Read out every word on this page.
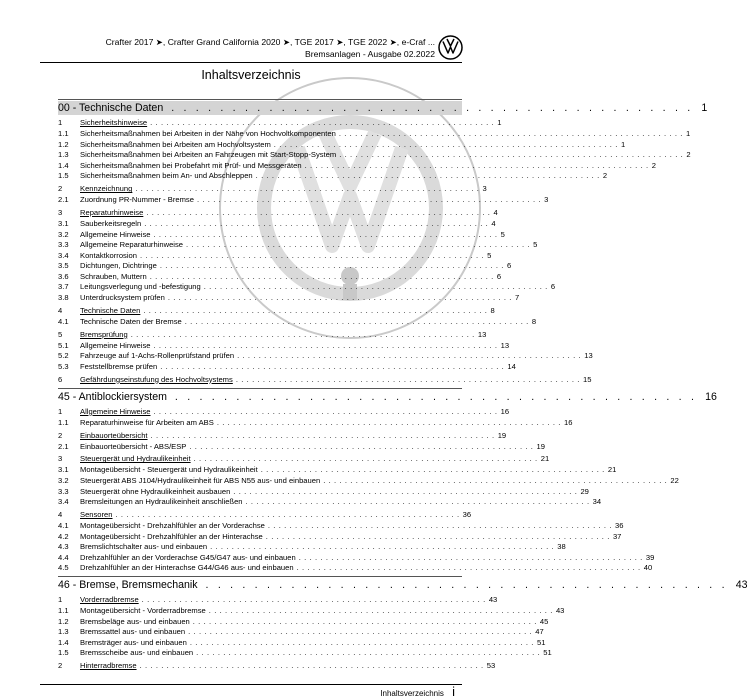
Crafter 2017 ➤, Crafter Grand California 2020 ➤, TGE 2017 ➤, TGE 2022 ➤, e-Craf ...
Bremsanlagen - Ausgabe 02.2022
Inhaltsverzeichnis
00 - Technische Daten . . . . . . . . . . . . . . . . . . . . . . . . . . . . . . . . . . . . . . . . . . . 1
1	Sicherheitshinweise . . . . . . . . . . . . . . . . . . . . . . . . . . . . . . . . . . . . . . . . . . . . . . . . . . . . . . . . . . . . . . . . 1
1.1	Sicherheitsmaßnahmen bei Arbeiten in der Nähe von Hochvoltkomponenten . . . . . . . . . . . . . . . . . . . . . . . . . . . . . . . . . . . . . . . . . . . . . . . . . . . . . . . . . . . . . . . . 1
1.2	Sicherheitsmaßnahmen bei Arbeiten am Hochvoltsystem . . . . . . . . . . . . . . . . . . . . . . . . . . . . . . . . . . . . . . . . . . . . . . . . . . . . . . . . . . . . . . . . 1
1.3	Sicherheitsmaßnahmen bei Arbeiten an Fahrzeugen mit Start-Stopp-System . . . . . . . . . . . . . . . . . . . . . . . . . . . . . . . . . . . . . . . . . . . . . . . . . . . . . . . . . . . . . . . . 2
1.4	Sicherheitsmaßnahmen bei Probefahrt mit Prüf- und Messgeräten . . . . . . . . . . . . . . . . . . . . . . . . . . . . . . . . . . . . . . . . . . . . . . . . . . . . . . . . . . . . . . . . 2
1.5	Sicherheitsmaßnahmen beim An- und Abschleppen . . . . . . . . . . . . . . . . . . . . . . . . . . . . . . . . . . . . . . . . . . . . . . . . . . . . . . . . . . . . . . . . 2
2	Kennzeichnung . . . . . . . . . . . . . . . . . . . . . . . . . . . . . . . . . . . . . . . . . . . . . . . . . . . . . . . . . . . . . . . . 3
2.1	Zuordnung PR-Nummer - Bremse . . . . . . . . . . . . . . . . . . . . . . . . . . . . . . . . . . . . . . . . . . . . . . . . . . . . . . . . . . . . . . . . 3
3	Reparaturhinweise . . . . . . . . . . . . . . . . . . . . . . . . . . . . . . . . . . . . . . . . . . . . . . . . . . . . . . . . . . . . . . . . 4
3.1	Sauberkeitsregeln . . . . . . . . . . . . . . . . . . . . . . . . . . . . . . . . . . . . . . . . . . . . . . . . . . . . . . . . . . . . . . . . 4
3.2	Allgemeine Hinweise . . . . . . . . . . . . . . . . . . . . . . . . . . . . . . . . . . . . . . . . . . . . . . . . . . . . . . . . . . . . . . . . 5
3.3	Allgemeine Reparaturhinweise . . . . . . . . . . . . . . . . . . . . . . . . . . . . . . . . . . . . . . . . . . . . . . . . . . . . . . . . . . . . . . . . 5
3.4	Kontaktkorrosion . . . . . . . . . . . . . . . . . . . . . . . . . . . . . . . . . . . . . . . . . . . . . . . . . . . . . . . . . . . . . . . . 5
3.5	Dichtungen, Dichtringe . . . . . . . . . . . . . . . . . . . . . . . . . . . . . . . . . . . . . . . . . . . . . . . . . . . . . . . . . . . . . . . . 6
3.6	Schrauben, Muttern . . . . . . . . . . . . . . . . . . . . . . . . . . . . . . . . . . . . . . . . . . . . . . . . . . . . . . . . . . . . . . . . 6
3.7	Leitungsverlegung und -befestigung . . . . . . . . . . . . . . . . . . . . . . . . . . . . . . . . . . . . . . . . . . . . . . . . . . . . . . . . . . . . . . . . 6
3.8	Unterdrucksystem prüfen . . . . . . . . . . . . . . . . . . . . . . . . . . . . . . . . . . . . . . . . . . . . . . . . . . . . . . . . . . . . . . . . 7
4	Technische Daten . . . . . . . . . . . . . . . . . . . . . . . . . . . . . . . . . . . . . . . . . . . . . . . . . . . . . . . . . . . . . . . . 8
4.1	Technische Daten der Bremse . . . . . . . . . . . . . . . . . . . . . . . . . . . . . . . . . . . . . . . . . . . . . . . . . . . . . . . . . . . . . . . . 8
5	Bremsprüfung . . . . . . . . . . . . . . . . . . . . . . . . . . . . . . . . . . . . . . . . . . . . . . . . . . . . . . . . . . . . . . . . 13
5.1	Allgemeine Hinweise . . . . . . . . . . . . . . . . . . . . . . . . . . . . . . . . . . . . . . . . . . . . . . . . . . . . . . . . . . . . . . . . 13
5.2	Fahrzeuge auf 1-Achs-Rollenprüfstand prüfen . . . . . . . . . . . . . . . . . . . . . . . . . . . . . . . . . . . . . . . . . . . . . . . . . . . . . . . . . . . . . . . . 13
5.3	Feststellbremse prüfen . . . . . . . . . . . . . . . . . . . . . . . . . . . . . . . . . . . . . . . . . . . . . . . . . . . . . . . . . . . . . . . . 14
6	Gefährdungseinstufung des Hochvoltsystems . . . . . . . . . . . . . . . . . . . . . . . . . . . . . . . . . . . . . . . . . . . . . . . . . . . . . . . . . . . . . . . . 15
45 - Antiblockiersystem . . . . . . . . . . . . . . . . . . . . . . . . . . . . . . . . . . . . . . . . . . . 16
1	Allgemeine Hinweise . . . . . . . . . . . . . . . . . . . . . . . . . . . . . . . . . . . . . . . . . . . . . . . . . . . . . . . . . . . . . . . . 16
1.1	Reparaturhinweise für Arbeiten am ABS . . . . . . . . . . . . . . . . . . . . . . . . . . . . . . . . . . . . . . . . . . . . . . . . . . . . . . . . . . . . . . . . 16
2	Einbauorteübersicht . . . . . . . . . . . . . . . . . . . . . . . . . . . . . . . . . . . . . . . . . . . . . . . . . . . . . . . . . . . . . . . . 19
2.1	Einbauorteübersicht - ABS/ESP . . . . . . . . . . . . . . . . . . . . . . . . . . . . . . . . . . . . . . . . . . . . . . . . . . . . . . . . . . . . . . . . 19
3	Steuergerät und Hydraulikeinheit . . . . . . . . . . . . . . . . . . . . . . . . . . . . . . . . . . . . . . . . . . . . . . . . . . . . . . . . . . . . . . . . 21
3.1	Montageübersicht - Steuergerät und Hydraulikeinheit . . . . . . . . . . . . . . . . . . . . . . . . . . . . . . . . . . . . . . . . . . . . . . . . . . . . . . . . . . . . . . . . 21
3.2	Steuergerät ABS J104/Hydraulikeinheit für ABS N55 aus- und einbauen . . . . . . . . . . . . . . . . . . . . . . . . . . . . . . . . . . . . . . . . . . . . . . . . . . . . . . . . . . . . . . . . 22
3.3	Steuergerät ohne Hydraulikeinheit ausbauen . . . . . . . . . . . . . . . . . . . . . . . . . . . . . . . . . . . . . . . . . . . . . . . . . . . . . . . . . . . . . . . . 29
3.4	Bremsleitungen an Hydraulikeinheit anschließen . . . . . . . . . . . . . . . . . . . . . . . . . . . . . . . . . . . . . . . . . . . . . . . . . . . . . . . . . . . . . . . . 34
4	Sensoren . . . . . . . . . . . . . . . . . . . . . . . . . . . . . . . . . . . . . . . . . . . . . . . . . . . . . . . . . . . . . . . . 36
4.1	Montageübersicht - Drehzahlfühler an der Vorderachse . . . . . . . . . . . . . . . . . . . . . . . . . . . . . . . . . . . . . . . . . . . . . . . . . . . . . . . . . . . . . . . . 36
4.2	Montageübersicht - Drehzahlfühler an der Hinterachse . . . . . . . . . . . . . . . . . . . . . . . . . . . . . . . . . . . . . . . . . . . . . . . . . . . . . . . . . . . . . . . . 37
4.3	Bremslichtschalter aus- und einbauen . . . . . . . . . . . . . . . . . . . . . . . . . . . . . . . . . . . . . . . . . . . . . . . . . . . . . . . . . . . . . . . . 38
4.4	Drehzahlfühler an der Vorderachse G45/G47 aus- und einbauen . . . . . . . . . . . . . . . . . . . . . . . . . . . . . . . . . . . . . . . . . . . . . . . . . . . . . . . . . . . . . . . . 39
4.5	Drehzahlfühler an der Hinterachse G44/G46 aus- und einbauen . . . . . . . . . . . . . . . . . . . . . . . . . . . . . . . . . . . . . . . . . . . . . . . . . . . . . . . . . . . . . . . . 40
46 - Bremse, Bremsmechanik . . . . . . . . . . . . . . . . . . . . . . . . . . . . . . . . . . . . . . . . . . . 43
1	Vorderradbremse . . . . . . . . . . . . . . . . . . . . . . . . . . . . . . . . . . . . . . . . . . . . . . . . . . . . . . . . . . . . . . . . 43
1.1	Montageübersicht - Vorderradbremse . . . . . . . . . . . . . . . . . . . . . . . . . . . . . . . . . . . . . . . . . . . . . . . . . . . . . . . . . . . . . . . . 43
1.2	Bremsbeläge aus- und einbauen . . . . . . . . . . . . . . . . . . . . . . . . . . . . . . . . . . . . . . . . . . . . . . . . . . . . . . . . . . . . . . . . 45
1.3	Bremssattel aus- und einbauen . . . . . . . . . . . . . . . . . . . . . . . . . . . . . . . . . . . . . . . . . . . . . . . . . . . . . . . . . . . . . . . . 47
1.4	Bremsträger aus- und einbauen . . . . . . . . . . . . . . . . . . . . . . . . . . . . . . . . . . . . . . . . . . . . . . . . . . . . . . . . . . . . . . . . 51
1.5	Bremsscheibe aus- und einbauen . . . . . . . . . . . . . . . . . . . . . . . . . . . . . . . . . . . . . . . . . . . . . . . . . . . . . . . . . . . . . . . . 51
2	Hinterradbremse . . . . . . . . . . . . . . . . . . . . . . . . . . . . . . . . . . . . . . . . . . . . . . . . . . . . . . . . . . . . . . . . 53
Inhaltsverzeichnis i
